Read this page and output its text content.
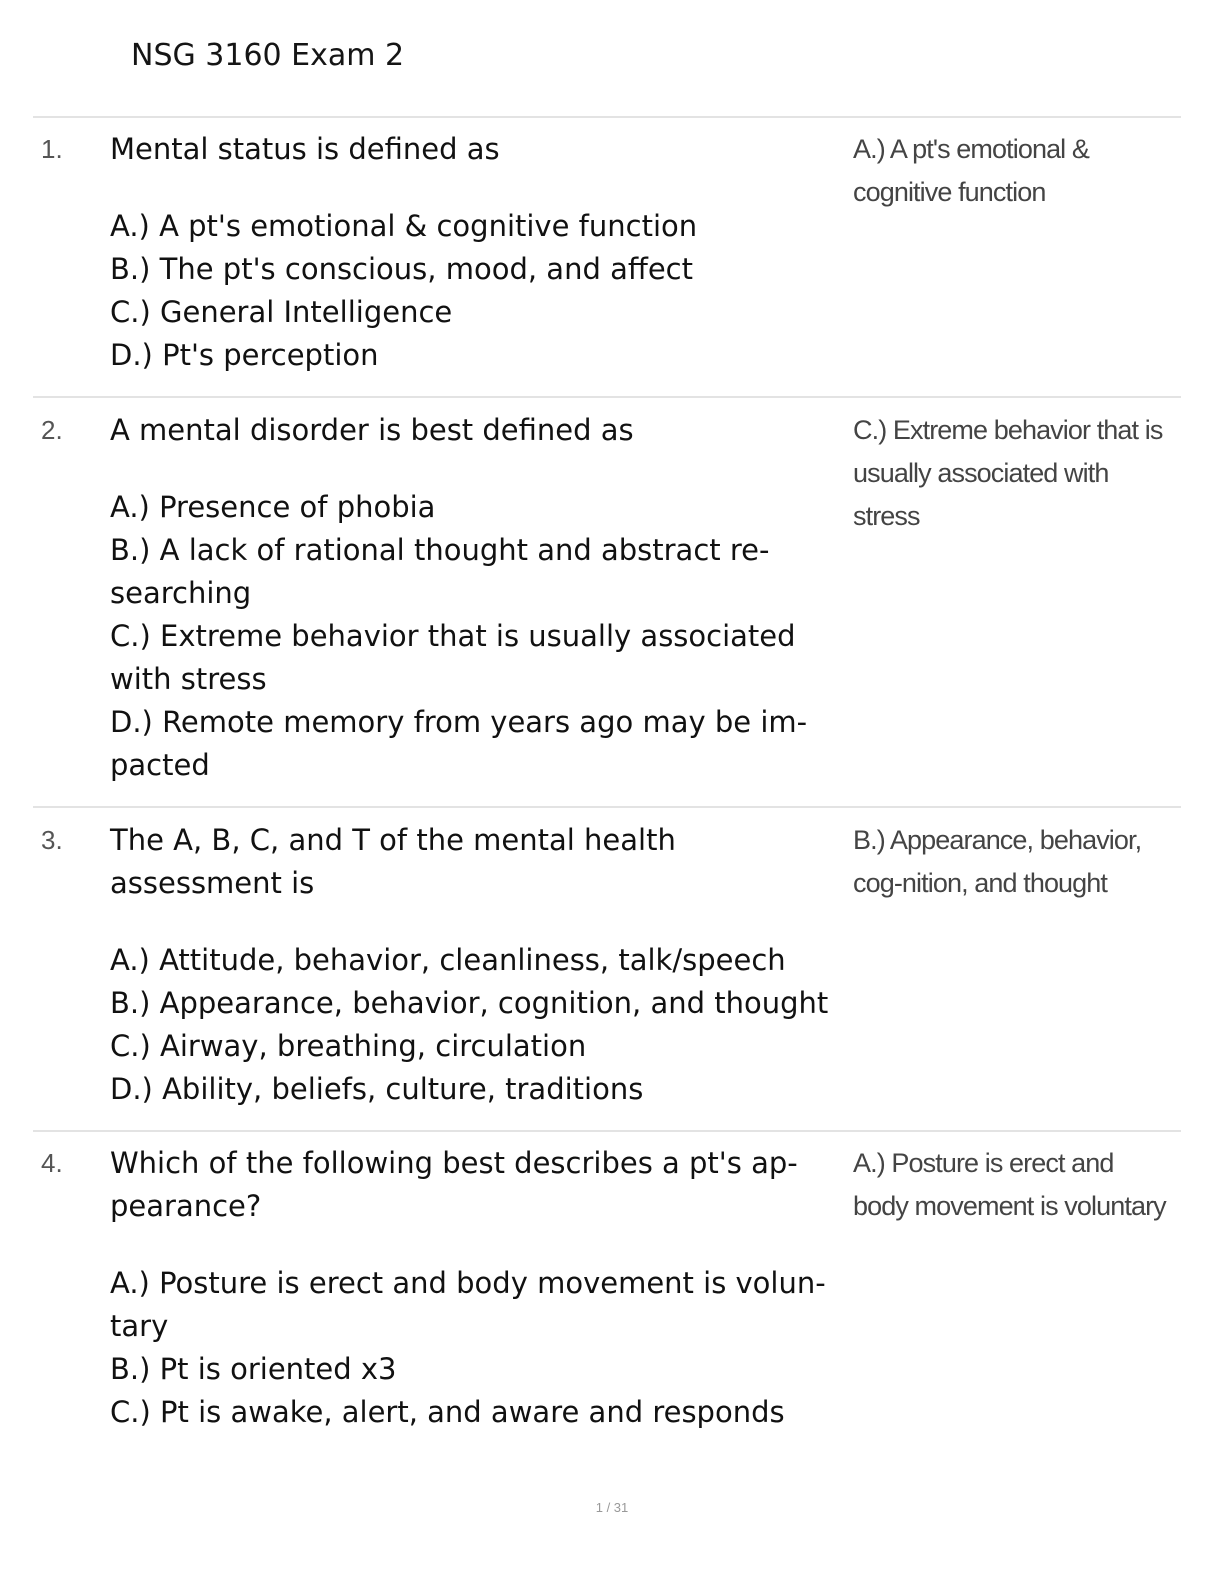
NSG 3160 Exam 2
1. Mental status is defined as

A.) A pt's emotional & cognitive function

B.) The pt's conscious, mood, and affect

C.) General Intelligence

D.) Pt's perception

A.) A pt's emotional & cognitive function
2. A mental disorder is best defined as

A.) Presence of phobia

B.) A lack of rational thought and abstract re-searching

C.) Extreme behavior that is usually associated with stress

D.) Remote memory from years ago may be im-pacted

C.) Extreme behavior that is usually associated with stress
3. The A, B, C, and T of the mental health assessment is

A.) Attitude, behavior, cleanliness, talk/speech

B.) Appearance, behavior, cognition, and thought

C.) Airway, breathing, circulation

D.) Ability, beliefs, culture, traditions

B.) Appearance, behavior, cog-nition, and thought
4. Which of the following best describes a pt's ap-pearance?

A.) Posture is erect and body movement is volun-tary

B.) Pt is oriented x3

C.) Pt is awake, alert, and aware and responds

A.) Posture is erect and body movement is voluntary
1 / 31
